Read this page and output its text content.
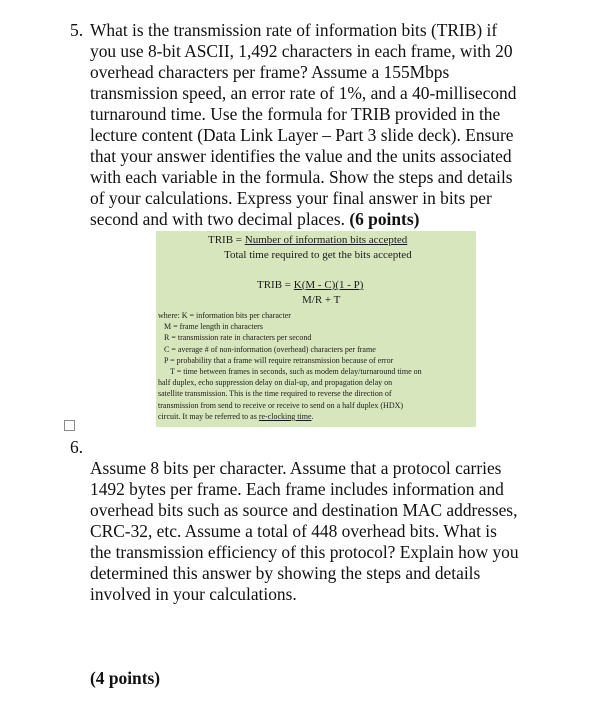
5. What is the transmission rate of information bits (TRIB) if
you use 8-bit ASCII, 1,492 characters in each frame, with 20
overhead characters per frame? Assume a 155Mbps
transmission speed, an error rate of 1%, and a 40-millisecond
turnaround time. Use the formula for TRIB provided in the
lecture content (Data Link Layer – Part 3 slide deck). Ensure
that your answer identifies the value and the units associated
with each variable in the formula. Show the steps and details
of your calculations. Express your final answer in bits per
second and with two decimal places. (6 points)
TRIB = Number of information bits accepted
Total time required to get the bits accepted
TRIB = K(M - C)(1 - P)
M/R + T
where: K = information bits per character
M = frame length in characters
R = transmission rate in characters per second
C = average # of non-information (overhead) characters per frame
P = probability that a frame will require retransmission because of error
T = time between frames in seconds, such as modem delay/turnaround time on
half duplex, echo suppression delay on dial-up, and propagation delay on
satellite transmission. This is the time required to reverse the direction of
transmission from send to receive or receive to send on a half duplex (HDX)
circuit. It may be referred to as re-clocking time.
6.

Assume 8 bits per character. Assume that a protocol carries
1492 bytes per frame. Each frame includes information and
overhead bits such as source and destination MAC addresses,
CRC-32, etc. Assume a total of 448 overhead bits. What is
the transmission efficiency of this protocol? Explain how you
determined this answer by showing the steps and details
involved in your calculations.

(4 points)
